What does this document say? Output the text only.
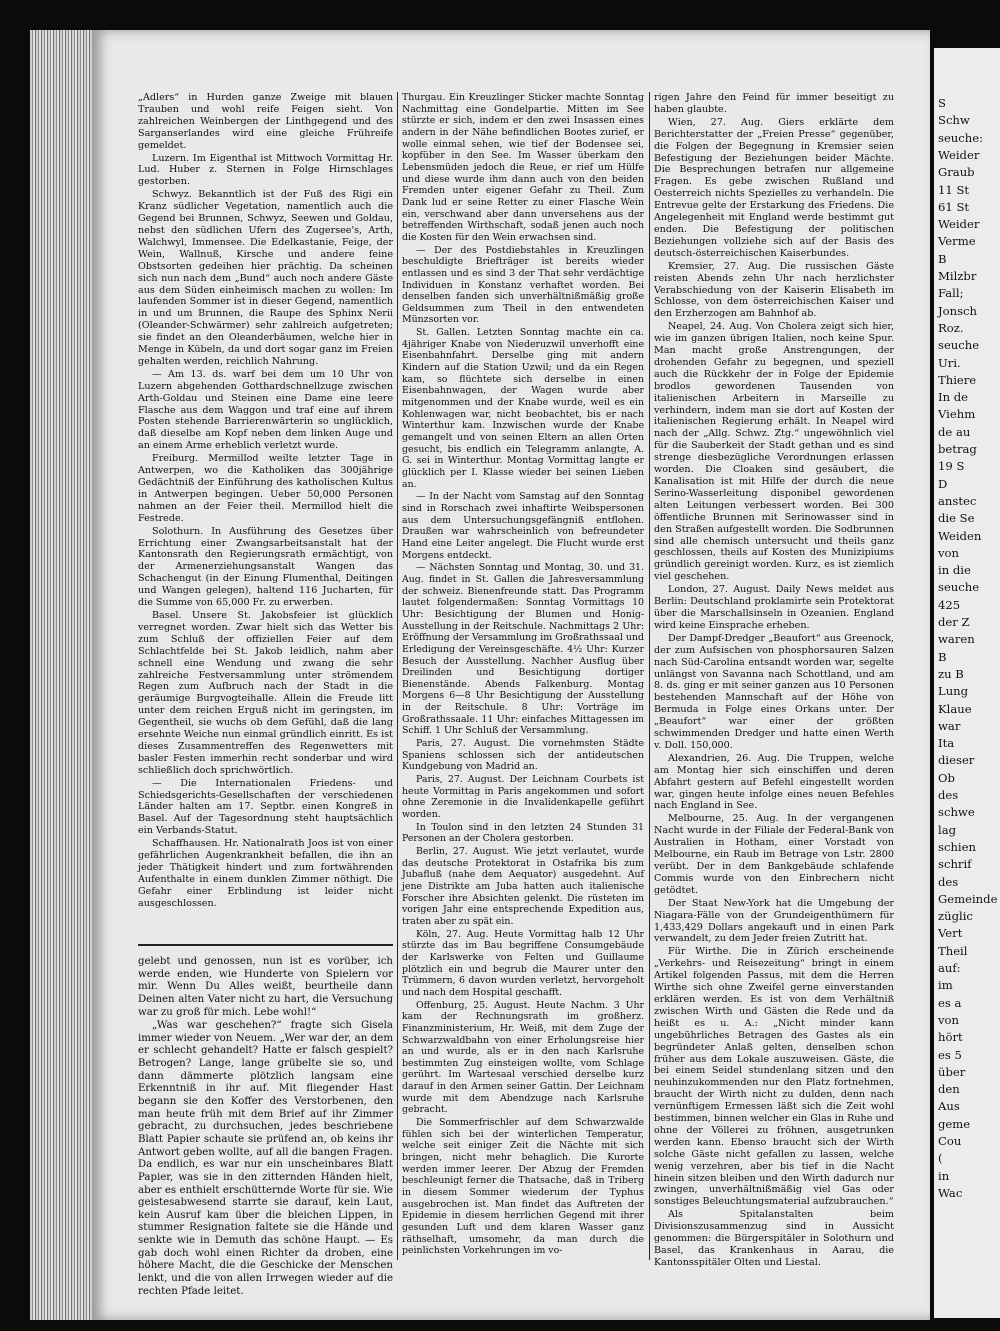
„Adlers“ in Hurden ganze Zweige mit blauen Trauben und wohl reife Feigen sieht. Von zahlreichen Weinbergen der Linthgegend und des Sarganserlandes wird eine gleiche Frühreife gemeldet.

Luzern. Im Eigenthal ist Mittwoch Vormittag Hr. Lud. Huber z. Sternen in Folge Hirnschlages gestorben.

Schwyz. Bekanntlich ist der Fuß des Rigi ein Kranz südlicher Vegetation, namentlich auch die Gegend bei Brunnen, Schwyz, Seewen und Goldau, nebst den südlichen Ufern des Zugersee's, Arth, Walchwyl, Immensee. Die Edelkastanie, Feige, der Wein, Wallnuß, Kirsche und andere feine Obstsorten gedeihen hier prächtig. Da scheinen sich nun nach dem „Bund“ auch noch andere Gäste aus dem Süden einheimisch machen zu wollen: Im laufenden Sommer ist in dieser Gegend, namentlich in und um Brunnen, die Raupe des Sphinx Nerii (Oleander-Schwärmer) sehr zahlreich aufgetreten; sie findet an den Oleanderbäumen, welche hier in Menge in Kübeln, da und dort sogar ganz im Freien gehalten werden, reichlich Nahrung.

— Am 13. ds. warf bei dem um 10 Uhr von Luzern abgehenden Gotthardschnellzuge zwischen Arth-Goldau und Steinen eine Dame eine leere Flasche aus dem Waggon und traf eine auf ihrem Posten stehende Barrierenwärterin so unglücklich, daß dieselbe am Kopf neben dem linken Auge und an einem Arme erheblich verletzt wurde.

Freiburg. Mermillod weilte letzter Tage in Antwerpen, wo die Katholiken das 300jährige Gedächtniß der Einführung des katholischen Kultus in Antwerpen begingen. Ueber 50,000 Personen nahmen an der Feier theil. Mermillod hielt die Festrede.

Solothurn. In Ausführung des Gesetzes über Errichtung einer Zwangsarbeitsanstalt hat der Kantonsrath den Regierungsrath ermächtigt, von der Armenerziehungsanstalt Wangen das Schachengut (in der Einung Flumenthal, Deitingen und Wangen gelegen), haltend 116 Jucharten, für die Summe von 65,000 Fr. zu erwerben.

Basel. Unsere St. Jakobsfeier ist glücklich verregnet worden. Zwar hielt sich das Wetter bis zum Schluß der offiziellen Feier auf dem Schlachtfelde bei St. Jakob leidlich, nahm aber schnell eine Wendung und zwang die sehr zahlreiche Festversammlung unter strömendem Regen zum Aufbruch nach der Stadt in die geräumige Burgvogteihalle. Allein die Freude litt unter dem reichen Erguß nicht im geringsten, im Gegentheil, sie wuchs ob dem Gefühl, daß die lang ersehnte Weiche nun einmal gründlich einritt. Es ist dieses Zusammentreffen des Regenwetters mit basler Festen immerhin recht sonderbar und wird schließlich doch sprichwörtlich.

— Die Internationalen Friedens- und Schiedsgerichts-Gesellschaften der verschiedenen Länder halten am 17. Septbr. einen Kongreß in Basel. Auf der Tagesordnung steht hauptsächlich ein Verbands-Statut.

Schaffhausen. Hr. Nationalrath Joos ist von einer gefährlichen Augenkrankheit befallen, die ihn an jeder Thätigkeit hindert und zum fortwährenden Aufenthalte in einem dunklen Zimmer nöthigt. Die Gefahr einer Erblindung ist leider nicht ausgeschlossen.

gelebt und genossen, nun ist es vorüber, ich werde enden, wie Hunderte von Spielern vor mir. Wenn Du Alles weißt, beurtheile dann Deinen alten Vater nicht zu hart, die Versuchung war zu groß für mich. Lebe wohl!“

„Was war geschehen?“ fragte sich Gisela immer wieder von Neuem. „Wer war der, an dem er schlecht gehandelt? Hatte er falsch gespielt? Betrogen? Lange, lange grübelte sie so, und dann dämmerte plötzlich langsam eine Erkenntniß in ihr auf. Mit fliegender Hast begann sie den Koffer des Verstorbenen, den man heute früh mit dem Brief auf ihr Zimmer gebracht, zu durchsuchen, jedes beschriebene Blatt Papier schaute sie prüfend an, ob keins ihr Antwort geben wollte, auf all die bangen Fragen. Da endlich, es war nur ein unscheinbares Blatt Papier, was sie in den zitternden Händen hielt, aber es enthielt erschütternde Worte für sie. Wie geistesabwesend starrte sie darauf, kein Laut, kein Ausruf kam über die bleichen Lippen, in stummer Resignation faltete sie die Hände und senkte wie in Demuth das schöne Haupt. — Es gab doch wohl einen Richter da droben, eine höhere Macht, die die Geschicke der Menschen lenkt, und die von allen Irrwegen wieder auf die rechten Pfade leitet.

Thurgau. Ein Kreuzlinger Sticker machte Sonntag Nachmittag eine Gondelpartie. Mitten im See stürzte er sich, indem er den zwei Insassen eines andern in der Nähe befindlichen Bootes zurief, er wolle einmal sehen, wie tief der Bodensee sei, kopfüber in den See. Im Wasser überkam den Lebensmüden jedoch die Reue, er rief um Hülfe und diese wurde ihm dann auch von den beiden Fremden unter eigener Gefahr zu Theil. Zum Dank lud er seine Retter zu einer Flasche Wein ein, verschwand aber dann unversehens aus der betreffenden Wirthschaft, sodaß jenen auch noch die Kosten für den Wein erwachsen sind.

— Der des Postdiebstahles in Kreuzlingen beschuldigte Briefträger ist bereits wieder entlassen und es sind 3 der That sehr verdächtige Individuen in Konstanz verhaftet worden. Bei denselben fanden sich unverhältnißmäßig große Geldsummen zum Theil in den entwendeten Münzsorten vor.

St. Gallen. Letzten Sonntag machte ein ca. 4jähriger Knabe von Niederuzwil unverhofft eine Eisenbahnfahrt. Derselbe ging mit andern Kindern auf die Station Uzwil; und da ein Regen kam, so flüchtete sich derselbe in einen Eisenbahnwagen, der Wagen wurde aber mitgenommen und der Knabe wurde, weil es ein Kohlenwagen war, nicht beobachtet, bis er nach Winterthur kam. Inzwischen wurde der Knabe gemangelt und von seinen Eltern an allen Orten gesucht, bis endlich ein Telegramm anlangte, A. G. sei in Winterthur. Montag Vormittag langte er glücklich per I. Klasse wieder bei seinen Lieben an.

— In der Nacht vom Samstag auf den Sonntag sind in Rorschach zwei inhaftirte Weibspersonen aus dem Untersuchungsgefängniß entflohen. Draußen war wahrscheinlich von befreundeter Hand eine Leiter angelegt. Die Flucht wurde erst Morgens entdeckt.

— Nächsten Sonntag und Montag, 30. und 31. Aug. findet in St. Gallen die Jahresversammlung der schweiz. Bienenfreunde statt. Das Programm lautet folgendermaßen: Sonntag Vormittags 10 Uhr: Besichtigung der Blumen und Honig-Ausstellung in der Reitschule. Nachmittags 2 Uhr: Eröffnung der Versammlung im Großrathssaal und Erledigung der Vereinsgeschäfte. 4½ Uhr: Kurzer Besuch der Ausstellung. Nachher Ausflug über Dreilinden und Besichtigung dortiger Bienenstände. Abends Falkenburg. Montag Morgens 6—8 Uhr Besichtigung der Ausstellung in der Reitschule. 8 Uhr: Vorträge im Großrathssaale. 11 Uhr: einfaches Mittagessen im Schiff. 1 Uhr Schluß der Versammlung.

Paris, 27. August. Die vornehmsten Städte Spaniens schlossen sich der antideutschen Kundgebung von Madrid an.

Paris, 27. August. Der Leichnam Courbets ist heute Vormittag in Paris angekommen und sofort ohne Zeremonie in die Invalidenkapelle geführt worden.

In Toulon sind in den letzten 24 Stunden 31 Personen an der Cholera gestorben.

Berlin, 27. August. Wie jetzt verlautet, wurde das deutsche Protektorat in Ostafrika bis zum Jubafluß (nahe dem Aequator) ausgedehnt. Auf jene Distrikte am Juba hatten auch italienische Forscher ihre Absichten gelenkt. Die rüsteten im vorigen Jahr eine entsprechende Expedition aus, traten aber zu spät ein.

Köln, 27. Aug. Heute Vormittag halb 12 Uhr stürzte das im Bau begriffene Consumgebäude der Karlswerke von Felten und Guillaume plötzlich ein und begrub die Maurer unter den Trümmern, 6 davon wurden verletzt, hervorgeholt und nach dem Hospital geschafft.

Offenburg, 25. August. Heute Nachm. 3 Uhr kam der Rechnungsrath im großherz. Finanzministerium, Hr. Weiß, mit dem Zuge der Schwarzwaldbahn von einer Erholungsreise hier an und wurde, als er in den nach Karlsruhe bestimmten Zug einsteigen wollte, vom Schlage gerührt. Im Wartesaal verschied derselbe kurz darauf in den Armen seiner Gattin. Der Leichnam wurde mit dem Abendzuge nach Karlsruhe gebracht.

Die Sommerfrischler auf dem Schwarzwalde fühlen sich bei der winterlichen Temperatur, welche seit einiger Zeit die Nächte mit sich bringen, nicht mehr behaglich. Die Kurorte werden immer leerer. Der Abzug der Fremden beschleunigt ferner die Thatsache, daß in Triberg in diesem Sommer wiederum der Typhus ausgebrochen ist. Man findet das Auftreten der Epidemie in diesem herrlichen Gegend mit ihrer gesunden Luft und dem klaren Wasser ganz räthselhaft, umsomehr, da man durch die peinlichsten Vorkehrungen im vo-

rigen Jahre den Feind für immer beseitigt zu haben glaubte.

Wien, 27. Aug. Giers erklärte dem Berichterstatter der „Freien Presse“ gegenüber, die Folgen der Begegnung in Kremsier seien Befestigung der Beziehungen beider Mächte. Die Besprechungen betrafen nur allgemeine Fragen. Es gebe zwischen Rußland und Oesterreich nichts Spezielles zu verhandeln. Die Entrevue gelte der Erstarkung des Friedens. Die Angelegenheit mit England werde bestimmt gut enden. Die Befestigung der politischen Beziehungen vollziehe sich auf der Basis des deutsch-österreichischen Kaiserbundes.

Kremsier, 27. Aug. Die russischen Gäste reisten Abends zehn Uhr nach herzlichster Verabschiedung von der Kaiserin Elisabeth im Schlosse, von dem österreichischen Kaiser und den Erzherzogen am Bahnhof ab.

Neapel, 24. Aug. Von Cholera zeigt sich hier, wie im ganzen übrigen Italien, noch keine Spur. Man macht große Anstrengungen, der drohenden Gefahr zu begegnen, und speziell auch die Rückkehr der in Folge der Epidemie brodlos gewordenen Tausenden von italienischen Arbeitern in Marseille zu verhindern, indem man sie dort auf Kosten der italienischen Regierung erhält. In Neapel wird nach der „Allg. Schwz. Ztg.“ ungewöhnlich viel für die Sauberkeit der Stadt gethan und es sind strenge diesbezügliche Verordnungen erlassen worden. Die Cloaken sind gesäubert, die Kanalisation ist mit Hilfe der durch die neue Serino-Wasserleitung disponibel gewordenen alten Leitungen verbessert worden. Bei 300 öffentliche Brunnen mit Serinowasser sind in den Straßen aufgestellt worden. Die Sodbrunnen sind alle chemisch untersucht und theils ganz geschlossen, theils auf Kosten des Munizipiums gründlich gereinigt worden. Kurz, es ist ziemlich viel geschehen.

London, 27. August. Daily News meldet aus Berlin: Deutschland proklamirte sein Protektorat über die Marschallsinseln in Ozeanien. England wird keine Einsprache erheben.

Der Dampf-Dredger „Beaufort“ aus Greenock, der zum Aufsischen von phosphorsauren Salzen nach Süd-Carolina entsandt worden war, segelte unlängst von Savanna nach Schottland, und am 8. ds. ging er mit seiner ganzen aus 10 Personen bestehenden Mannschaft auf der Höhe von Bermuda in Folge eines Orkans unter. Der „Beaufort“ war einer der größten schwimmenden Dredger und hatte einen Werth v. Doll. 150,000.

Alexandrien, 26. Aug. Die Truppen, welche am Montag hier sich einschiffen und deren Abfahrt gestern auf Befehl eingestellt worden war, gingen heute infolge eines neuen Befehles nach England in See.

Melbourne, 25. Aug. In der vergangenen Nacht wurde in der Filiale der Federal-Bank von Australien in Hotham, einer Vorstadt von Melbourne, ein Raub im Betrage von Lstr. 2800 verübt. Der in dem Bankgebäude schlafende Commis wurde von den Einbrechern nicht getödtet.

Der Staat New-York hat die Umgebung der Niagara-Fälle von der Grundeigenthümern für 1,433,429 Dollars angekauft und in einen Park verwandelt, zu dem Jeder freien Zutritt hat.

Für Wirthe. Die in Zürich erscheinende „Verkehrs- und Reisezeitung“ bringt in einem Artikel folgenden Passus, mit dem die Herren Wirthe sich ohne Zweifel gerne einverstanden erklären werden. Es ist von dem Verhältniß zwischen Wirth und Gästen die Rede und da heißt es u. A.: „Nicht minder kann ungebührliches Betragen des Gastes als ein begründeter Anlaß gelten, denselben schon früher aus dem Lokale auszuweisen. Gäste, die bei einem Seidel stundenlang sitzen und den neuhinzukommenden nur den Platz fortnehmen, braucht der Wirth nicht zu dulden, denn nach vernünftigem Ermessen läßt sich die Zeit wohl bestimmen, binnen welcher ein Glas in Ruhe und ohne der Völlerei zu fröhnen, ausgetrunken werden kann. Ebenso braucht sich der Wirth solche Gäste nicht gefallen zu lassen, welche wenig verzehren, aber bis tief in die Nacht hinein sitzen bleiben und den Wirth dadurch nur zwingen, unverhältnißmäßig viel Gas oder sonstiges Beleuchtungsmaterial aufzubrauchen.“

Als Spitalanstalten beim Divisionszusammenzug sind in Aussicht genommen: die Bürgerspitäler in Solothurn und Basel, das Krankenhaus in Aarau, die Kantonsspitäler Olten und Liestal.

S
Schw
seuche:
Weider
Graub
11 St
61 St
Weider
Verme
B
Milzbr
Fall;
Jonsch
Roz.
seuche
Uri.
Thiere
In de
Viehm
de au
betrag
19 S
D
anstec
die Se
Weiden
von
in die
seuche
425
der Z
waren
B
zu B
Lung
Klaue
war
Ita
dieser
Ob
des
schwe
lag
schien
schrif
des
Gemeinde
züglic
Vert
Theil
auf:
im
es a
von
hört
es 5
über
den
Aus
geme
Cou
(
in
Wac
